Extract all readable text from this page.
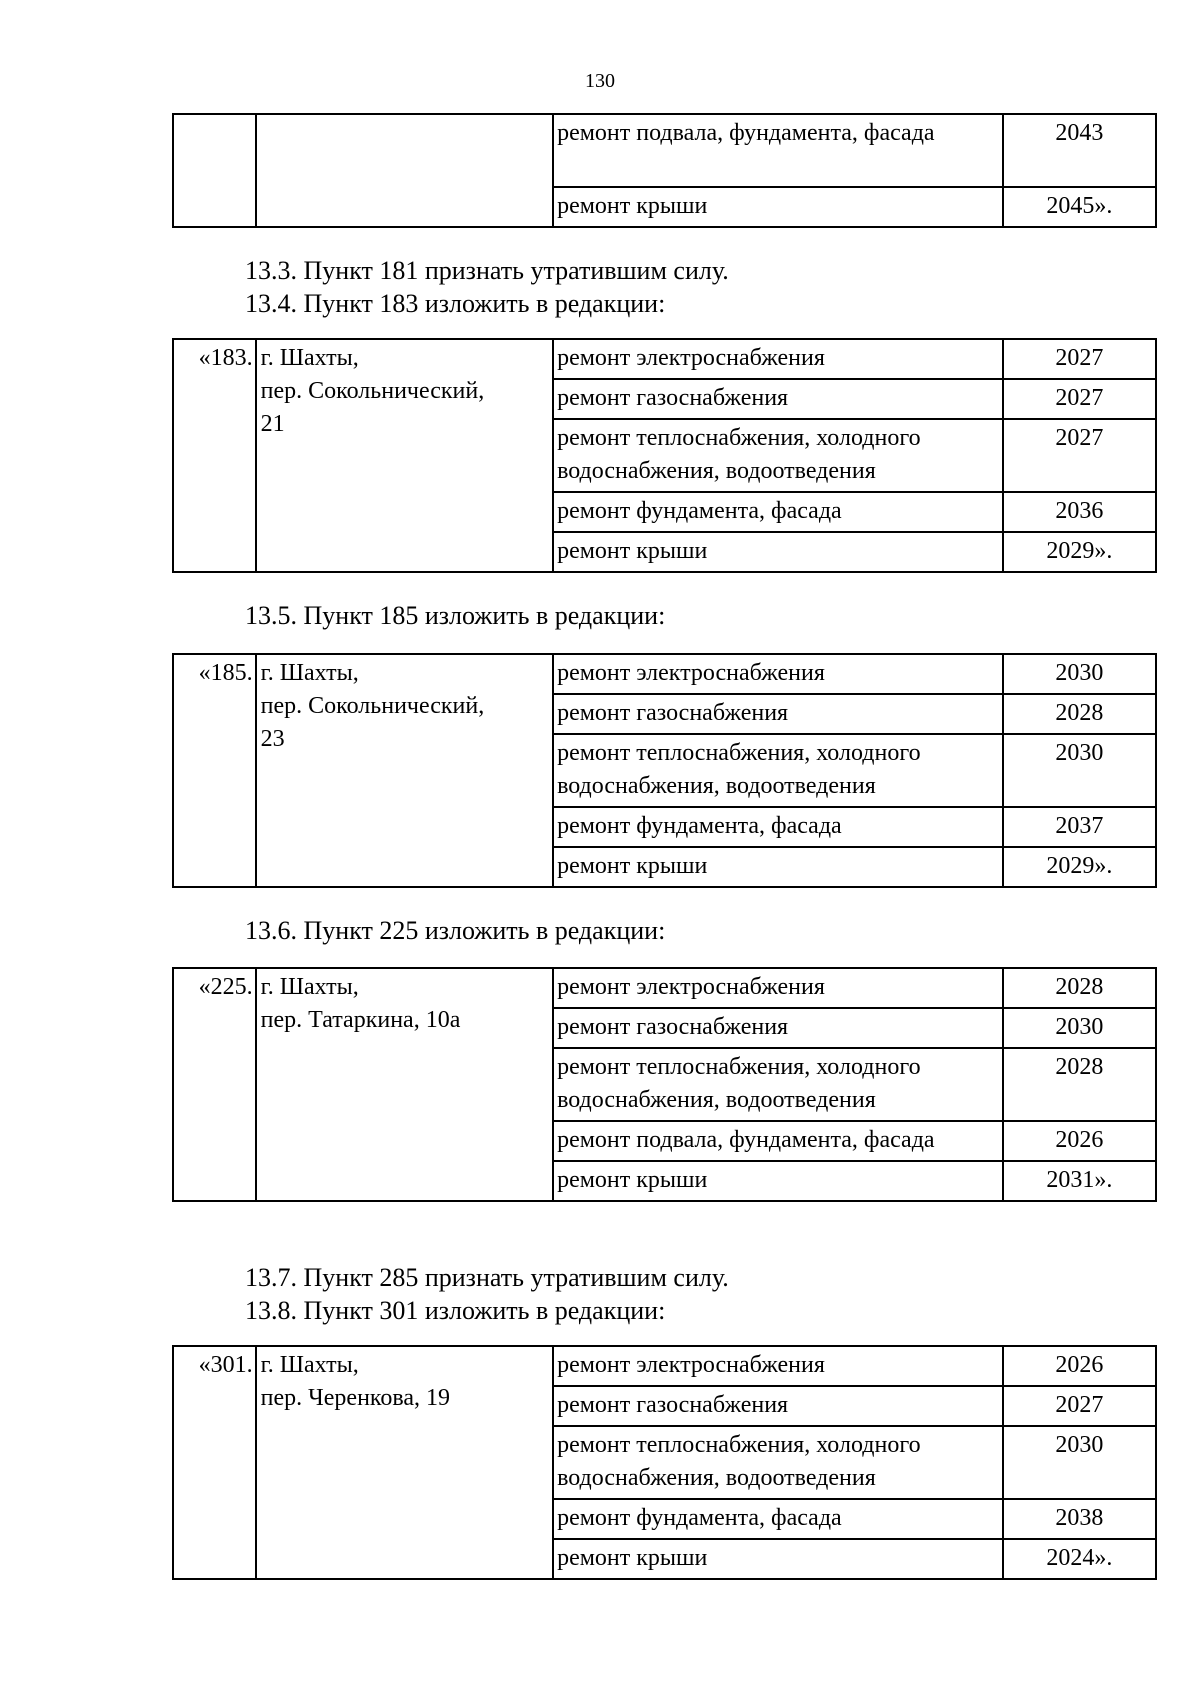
130
		ремонт подвала, фундамента, фасада	2043
		ремонт крыши	2045».
13.3. Пункт 181 признать утратившим силу.
13.4. Пункт 183 изложить в редакции:
«183.	г. Шахты,
пер. Сокольнический,
21	ремонт электроснабжения	2027
		ремонт газоснабжения	2027
		ремонт теплоснабжения, холодного водоснабжения, водоотведения	2027
		ремонт фундамента, фасада	2036
		ремонт крыши	2029».
13.5. Пункт 185 изложить в редакции:
«185.	г. Шахты,
пер. Сокольнический,
23	ремонт электроснабжения	2030
		ремонт газоснабжения	2028
		ремонт теплоснабжения, холодного водоснабжения, водоотведения	2030
		ремонт фундамента, фасада	2037
		ремонт крыши	2029».
13.6. Пункт 225 изложить в редакции:
«225.	г. Шахты,
пер. Татаркина, 10а	ремонт электроснабжения	2028
		ремонт газоснабжения	2030
		ремонт теплоснабжения, холодного водоснабжения, водоотведения	2028
		ремонт подвала, фундамента, фасада	2026
		ремонт крыши	2031».
13.7. Пункт 285 признать утратившим силу.
13.8. Пункт 301 изложить в редакции:
«301.	г. Шахты,
пер. Черенкова, 19	ремонт электроснабжения	2026
		ремонт газоснабжения	2027
		ремонт теплоснабжения, холодного водоснабжения, водоотведения	2030
		ремонт фундамента, фасада	2038
		ремонт крыши	2024».
